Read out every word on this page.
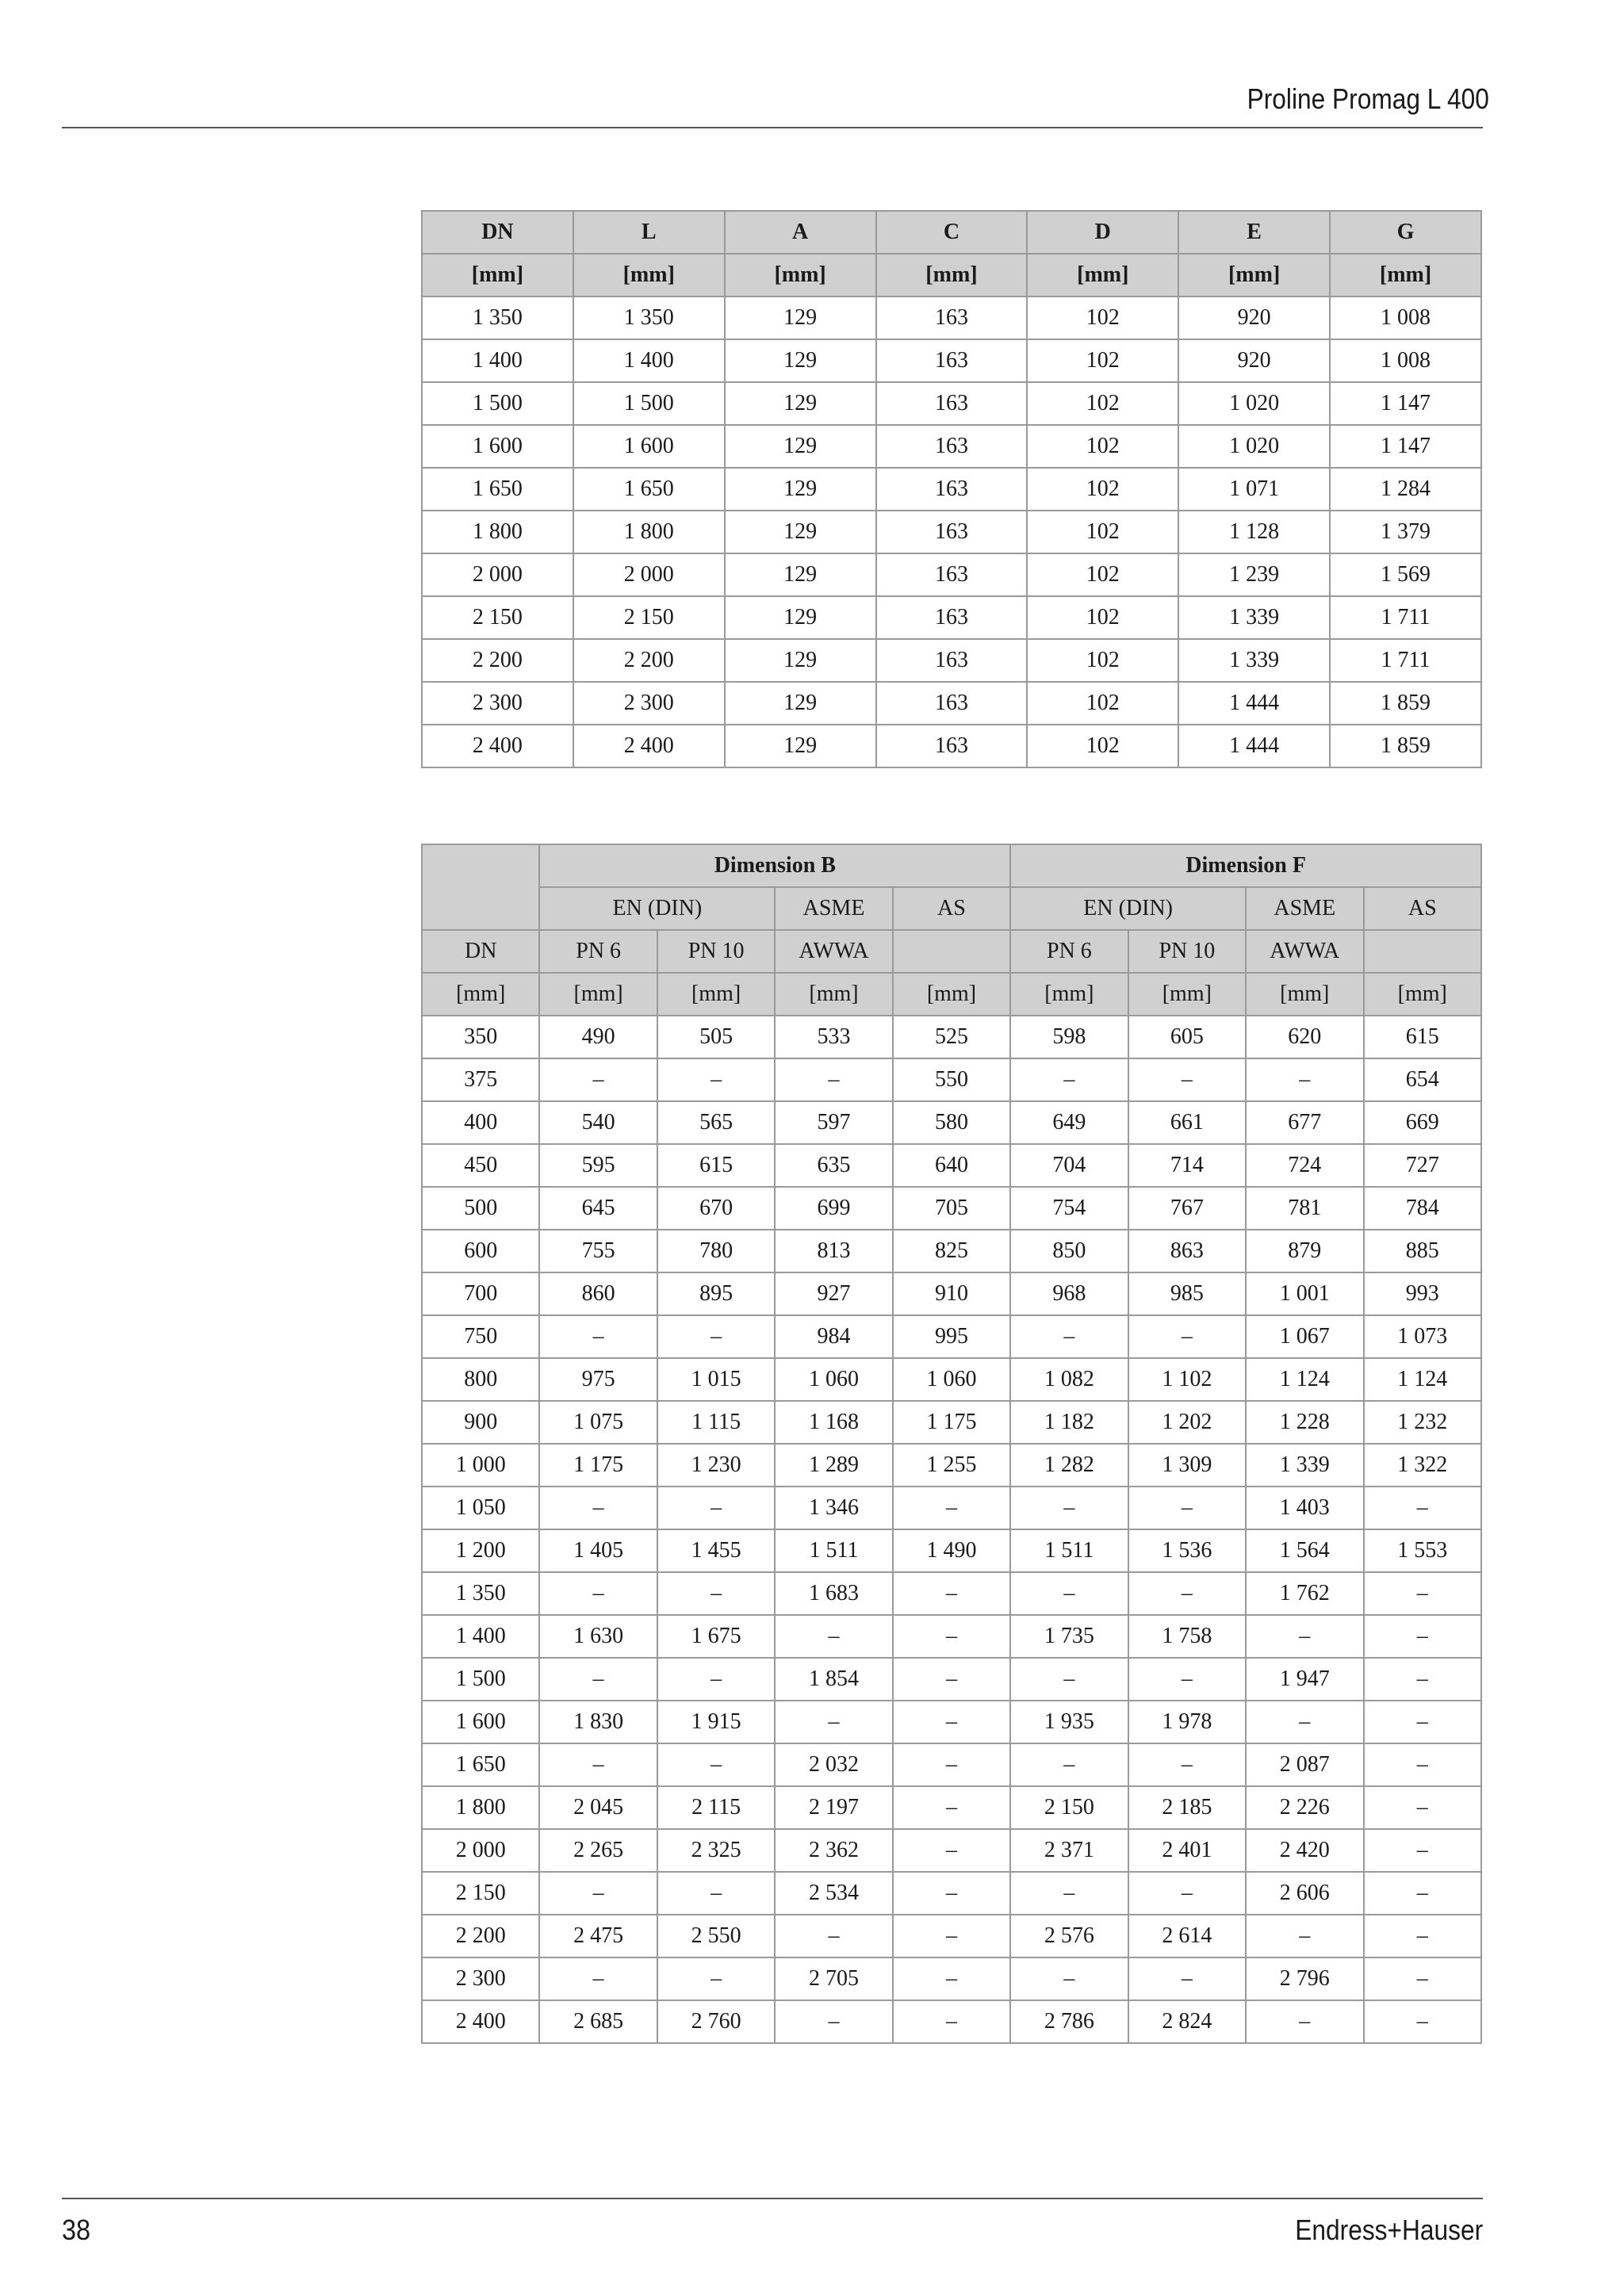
Proline Promag L 400
DN	L	A	C	D	E	G
[mm]	[mm]	[mm]	[mm]	[mm]	[mm]	[mm]
1 350	1 350	129	163	102	920	1 008
1 400	1 400	129	163	102	920	1 008
1 500	1 500	129	163	102	1 020	1 147
1 600	1 600	129	163	102	1 020	1 147
1 650	1 650	129	163	102	1 071	1 284
1 800	1 800	129	163	102	1 128	1 379
2 000	2 000	129	163	102	1 239	1 569
2 150	2 150	129	163	102	1 339	1 711
2 200	2 200	129	163	102	1 339	1 711
2 300	2 300	129	163	102	1 444	1 859
2 400	2 400	129	163	102	1 444	1 859
	Dimension B				Dimension F			
	EN (DIN)		ASME	AS	EN (DIN)		ASME	AS
DN	PN 6	PN 10	AWWA		PN 6	PN 10	AWWA	
[mm]	[mm]	[mm]	[mm]	[mm]	[mm]	[mm]	[mm]	[mm]
350	490	505	533	525	598	605	620	615
375	–	–	–	550	–	–	–	654
400	540	565	597	580	649	661	677	669
450	595	615	635	640	704	714	724	727
500	645	670	699	705	754	767	781	784
600	755	780	813	825	850	863	879	885
700	860	895	927	910	968	985	1 001	993
750	–	–	984	995	–	–	1 067	1 073
800	975	1 015	1 060	1 060	1 082	1 102	1 124	1 124
900	1 075	1 115	1 168	1 175	1 182	1 202	1 228	1 232
1 000	1 175	1 230	1 289	1 255	1 282	1 309	1 339	1 322
1 050	–	–	1 346	–	–	–	1 403	–
1 200	1 405	1 455	1 511	1 490	1 511	1 536	1 564	1 553
1 350	–	–	1 683	–	–	–	1 762	–
1 400	1 630	1 675	–	–	1 735	1 758	–	–
1 500	–	–	1 854	–	–	–	1 947	–
1 600	1 830	1 915	–	–	1 935	1 978	–	–
1 650	–	–	2 032	–	–	–	2 087	–
1 800	2 045	2 115	2 197	–	2 150	2 185	2 226	–
2 000	2 265	2 325	2 362	–	2 371	2 401	2 420	–
2 150	–	–	2 534	–	–	–	2 606	–
2 200	2 475	2 550	–	–	2 576	2 614	–	–
2 300	–	–	2 705	–	–	–	2 796	–
2 400	2 685	2 760	–	–	2 786	2 824	–	–
38	Endress+Hauser
